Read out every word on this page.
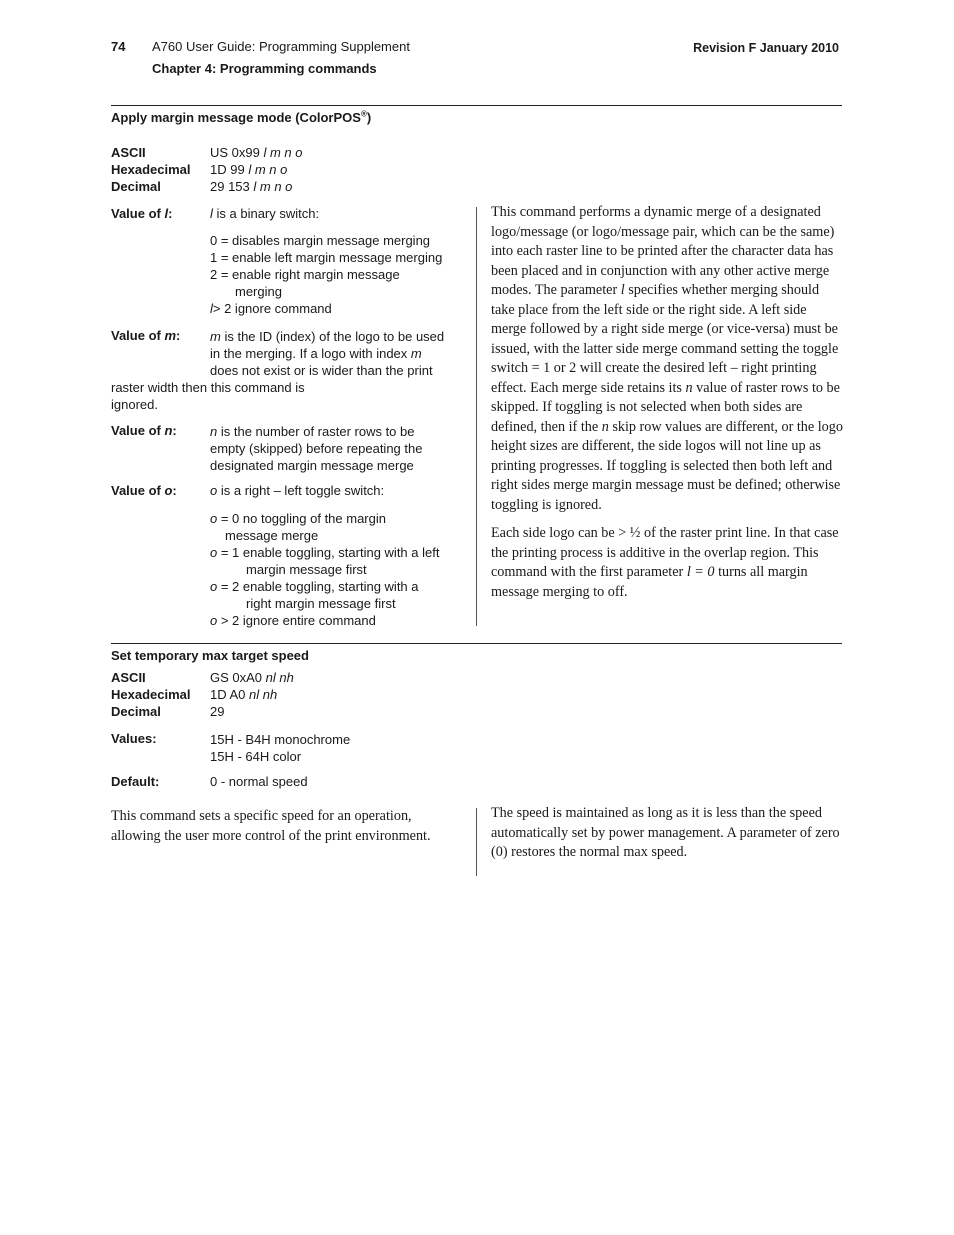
74 A760 User Guide: Programming Supplement
Chapter 4: Programming commands
Revision F January 2010
Apply margin message mode (ColorPOS®)
ASCII	US 0x99 l m n o
Hexadecimal 1D 99 l m n o
Decimal	29 153 l m n o
Value of l:	l is a binary switch:
0 = disables margin message merging
1 = enable left margin message merging
2 = enable right margin message
merging
l> 2 ignore command
Value of m: m is the ID (index) of the logo to be used
in the merging. If a logo with index m
does not exist or is wider than the print
raster width then this command is
ignored.
Value of n:	n is the number of raster rows to be
empty (skipped) before repeating the
designated margin message merge
Value of o:	o is a right – left toggle switch:
o = 0 no toggling of the margin
message merge
o = 1 enable toggling, starting with a left
margin message first
o = 2 enable toggling, starting with a
right margin message first
o > 2 ignore entire command

This command performs a dynamic merge of a designated logo/message (or logo/message pair, which can be the same) into each raster line to be printed after the character data has been placed and in conjunction with any other active merge modes. The parameter l specifies whether merging should take place from the left side or the right side. A left side merge followed by a right side merge (or vice-versa) must be issued, with the latter side merge command setting the toggle switch = 1 or 2 will create the desired left – right printing effect. Each merge side retains its n value of raster rows to be skipped. If toggling is not selected when both sides are defined, then if the n skip row values are different, or the logo height sizes are different, the side logos will not line up as printing progresses. If toggling is selected then both left and right sides merge margin message must be defined; otherwise toggling is ignored.

Each side logo can be > ½ of the raster print line. In that case the printing process is additive in the overlap region. This command with the first parameter l = 0 turns all margin message merging to off.

Set temporary max target speed
ASCII	GS 0xA0 nl nh
Hexadecimal 1D A0 nl nh
Decimal	29
Values:	15H - B4H monochrome
15H - 64H color
Default:	0 - normal speed

This command sets a specific speed for an operation, allowing the user more control of the print environment.

The speed is maintained as long as it is less than the speed automatically set by power management. A parameter of zero (0) restores the normal max speed.
